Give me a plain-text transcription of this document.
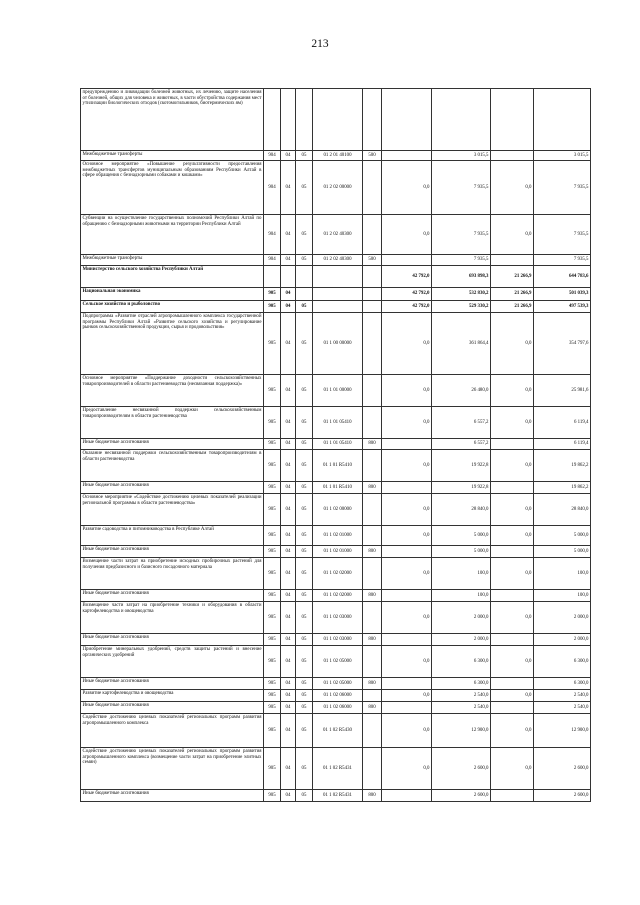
213
предупреждению и ликвидации болезней животных, их лечению, защите населения от болезней, общих для человека и животных, в части обустройства содержания мест утилизации биологических отходов (скотомогильников, биотермических ям)									
Межбюджетные трансферты	904	04	05	01 2 01 40100	500		3 015,5		3 015,5
Основное мероприятие «Повышение результативности предоставления межбюджетных трансфертов муниципальным образованиям Республики Алтай в сфере обращения с безнадзорными собаками и кошками»	904	04	05	01 2 02 00000		0,0	7 935,5	0,0	7 935,5
Субвенции на осуществление государственных полномочий Республики Алтай по обращению с безнадзорными животными на территории Республики Алтай	904	04	05	01 2 02 40300		0,0	7 935,5	0,0	7 935,5
Межбюджетные трансферты	904	04	05	01 2 02 40300	500		7 935,5		7 935,5
Министерство сельского хозяйства Республики Алтай						42 792,0	693 898,3	21 266,9	644 783,6
Национальная экономика	905	04				42 792,0	532 830,2	21 266,9	501 039,3
Сельское хозяйство и рыболовство	905	04	05			42 792,0	529 330,2	21 266,9	497 539,3
Подпрограмма «Развитие отраслей агропромышленного комплекса государственной программы Республики Алтай «Развитие сельского хозяйства и регулирование рынков сельскохозяйственной продукции, сырья и продовольствия»	905	04	05	01 1 00 00000		0,0	361 864,4	0,0	354 797,6
Основное мероприятие «Поддержание доходности сельскохозяйственных товаропроизводителей в области растениеводства (несвязанная поддержка)»	905	04	05	01 1 01 00000		0,0	26 480,0	0,0	25 981,6
Предоставление несвязанной поддержки сельскохозяйственным товаропроизводителям в области растениеводства	905	04	05	01 1 01 05410		0,0	6 557,2	0,0	6 119,4
Иные бюджетные ассигнования	905	04	05	01 1 01 05410	800		6 557,2		6 119,4
Оказание несвязанной поддержки сельскохозяйственным товаропроизводителям в области растениеводства	905	04	05	01 1 01 R5410		0,0	19 922,8	0,0	19 862,2
Иные бюджетные ассигнования	905	04	05	01 1 01 R5410	800		19 922,8		19 862,2
Основное мероприятие «Содействие достижению целевых показателей реализации региональной программы в области растениеводства»	905	04	05	01 1 02 00000		0,0	28 840,0	0,0	28 840,0
Развитие садоводства и питомниководства в Республике Алтай	905	04	05	01 1 02 01000		0,0	5 000,0	0,0	5 000,0
Иные бюджетные ассигнования	905	04	05	01 1 02 01000	800		5 000,0		5 000,0
Возмещение части затрат на приобретение исходных пробирочных растений для получения предбазисного и базисного посадочного материала	905	04	05	01 1 02 02000		0,0	100,0	0,0	100,0
Иные бюджетные ассигнования	905	04	05	01 1 02 02000	800		100,0		100,0
Возмещение части затрат на приобретение техники и оборудования в области картофелеводства и овощеводства	905	04	05	01 1 02 03000		0,0	2 000,0	0,0	2 000,0
Иные бюджетные ассигнования	905	04	05	01 1 02 03000	800		2 000,0		2 000,0
Приобретение минеральных удобрений, средств защиты растений и внесение органических удобрений	905	04	05	01 1 02 05000		0,0	6 300,0	0,0	6 300,0
Иные бюджетные ассигнования	905	04	05	01 1 02 05000	800		6 300,0		6 300,0
Развитие картофелеводства и овощеводства	905	04	05	01 1 02 06000		0,0	2 540,0	0,0	2 540,0
Иные бюджетные ассигнования	905	04	05	01 1 02 06000	800		2 540,0		2 540,0
Содействие достижению целевых показателей региональных программ развития агропромышленного комплекса	905	04	05	01 1 02 R5430		0,0	12 900,0	0,0	12 900,0
Содействие достижению целевых показателей региональных программ развития агропромышленного комплекса (возмещение части затрат на приобретение элитных семян)	905	04	05	01 1 02 R5431		0,0	2 600,0	0,0	2 600,0
Иные бюджетные ассигнования	905	04	05	01 1 02 R5431	800		2 600,0		2 600,0
